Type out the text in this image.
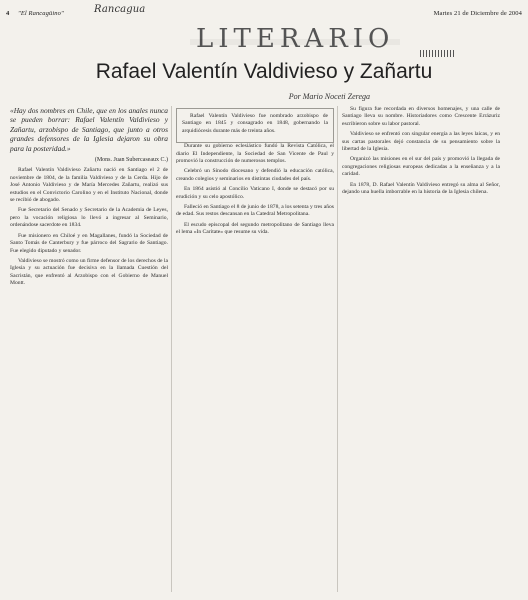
4 "El Rancagüino"	Rancagua	Martes 21 de Diciembre de 2004
LITERARIO
Rafael Valentín Valdivieso y Zañartu
Por Mario Noceti Zerega

«Hay dos nombres en Chile, que en los anales nunca se pueden borrar: Rafael Valentín Valdivieso y Zañartu, arzobispo de Santiago, que junto a otros grandes defensores de la Iglesia dejaron su obra para la posteridad.»

(Mons. Juan Subercaseaux C.)

Rafael Valentín Valdivieso Zañartu nació en Santiago el 2 de noviembre de 1804, de la familia Valdivieso y de la Cerda. Hijo de José Antonio Valdivieso y de María Mercedes Zañartu, realizó sus estudios en el Convictorio Carolino y en el Instituto Nacional, donde se recibió de abogado.

Fue Secretario del Senado y Secretario de la Academia de Leyes, pero la vocación religiosa lo llevó a ingresar al Seminario, ordenándose sacerdote en 1834.

Fue misionero en Chiloé y en Magallanes, fundó la Sociedad de Santo Tomás de Canterbury y fue párroco del Sagrario de Santiago. Fue elegido diputado y senador.

Valdivieso se mostró como un firme defensor de los derechos de la Iglesia y su actuación fue decisiva en la llamada Cuestión del Sacristán, que enfrentó al Arzobispo con el Gobierno de Manuel Montt.

Rafael Valentín Valdivieso fue nombrado arzobispo de Santiago en 1845 y consagrado en 1848, gobernando la arquidiócesis durante más de treinta años.

Durante su gobierno eclesiástico fundó la Revista Católica, el diario El Independiente, la Sociedad de San Vicente de Paul y promovió la construcción de numerosos templos.

Celebró un Sínodo diocesano y defendió la educación católica, creando colegios y seminarios en distintas ciudades del país.

En 1864 asistió al Concilio Vaticano I, donde se destacó por su erudición y su celo apostólico.

Falleció en Santiago el 8 de junio de 1878, a los setenta y tres años de edad. Sus restos descansan en la Catedral Metropolitana.

El escudo episcopal del segundo metropolitano de Santiago lleva el lema «In Caritate» que resume su vida.

Su figura fue recordada en diversos homenajes, y una calle de Santiago lleva su nombre. Historiadores como Crescente Errázuriz escribieron sobre su labor pastoral.

Valdivieso se enfrentó con singular energía a las leyes laicas, y en sus cartas pastorales dejó constancia de su pensamiento sobre la libertad de la Iglesia.

Organizó las misiones en el sur del país y promovió la llegada de congregaciones religiosas europeas dedicadas a la enseñanza y a la caridad.

En 1878, D. Rafael Valentín Valdivieso entregó su alma al Señor, dejando una huella imborrable en la historia de la Iglesia chilena.
